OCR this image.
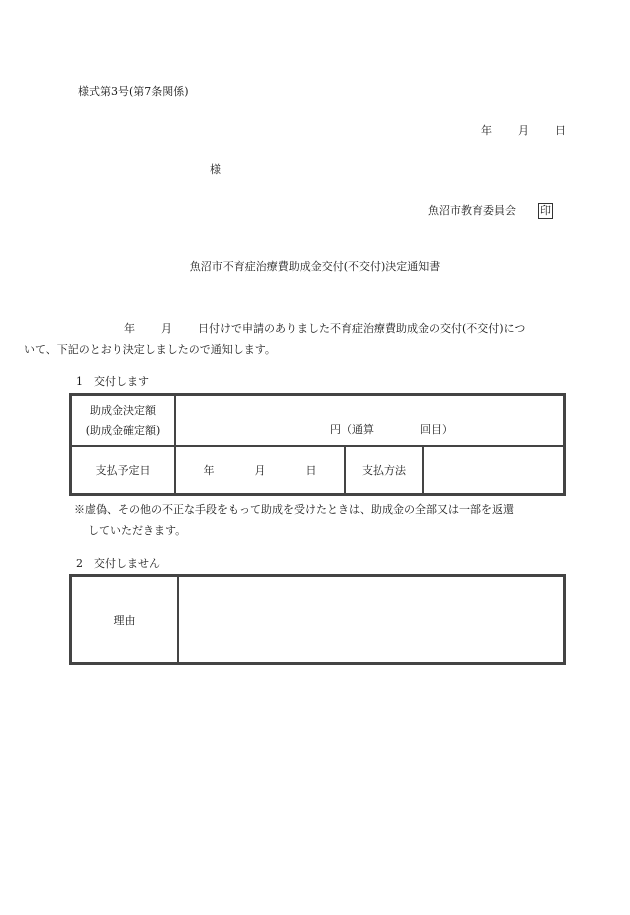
様式第3号(第7条関係)
年 月 日
様
魚沼市教育委員会 印
魚沼市不育症治療費助成金交付(不交付)決定通知書
年 月 日付けで申請のありました不育症治療費助成金の交付(不交付)につ
いて、下記のとおり決定しましたので通知します。
1　交付します
助成金決定額
(助成金確定額)	円（通算 回目）		
支払予定日	年 月 日	支払方法	
※虚偽、その他の不正な手段をもって助成を受けたときは、助成金の全部又は一部を返還
していただきます。
2　交付しません
理由	
